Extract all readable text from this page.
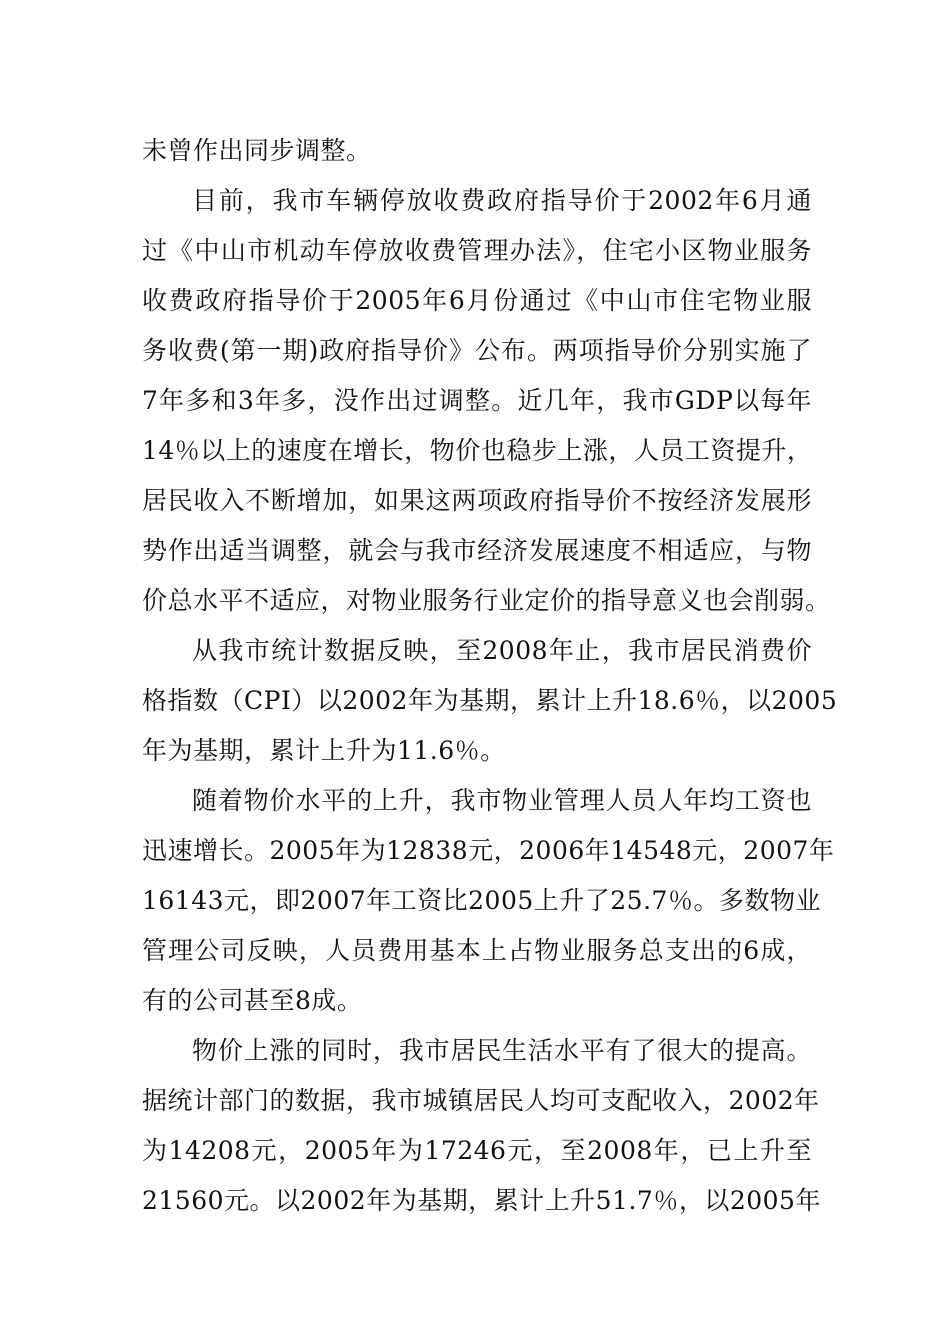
未曾作出同步调整。
目前，我市车辆停放收费政府指导价于2002年6月通
过《中山市机动车停放收费管理办法》，住宅小区物业服务
收费政府指导价于2005年6月份通过《中山市住宅物业服
务收费(第一期)政府指导价》公布。两项指导价分别实施了
7年多和3年多，没作出过调整。近几年，我市GDP以每年
14％以上的速度在增长，物价也稳步上涨，人员工资提升，
居民收入不断增加，如果这两项政府指导价不按经济发展形
势作出适当调整，就会与我市经济发展速度不相适应，与物
价总水平不适应，对物业服务行业定价的指导意义也会削弱。
从我市统计数据反映，至2008年止，我市居民消费价
格指数（CPI）以2002年为基期，累计上升18.6％，以2005
年为基期，累计上升为11.6％。
随着物价水平的上升，我市物业管理人员人年均工资也
迅速增长。2005年为12838元，2006年14548元，2007年
16143元，即2007年工资比2005上升了25.7％。多数物业
管理公司反映，人员费用基本上占物业服务总支出的6成，
有的公司甚至8成。
物价上涨的同时，我市居民生活水平有了很大的提高。
据统计部门的数据，我市城镇居民人均可支配收入，2002年
为14208元，2005年为17246元，至2008年，已上升至
21560元。以2002年为基期，累计上升51.7％，以2005年
